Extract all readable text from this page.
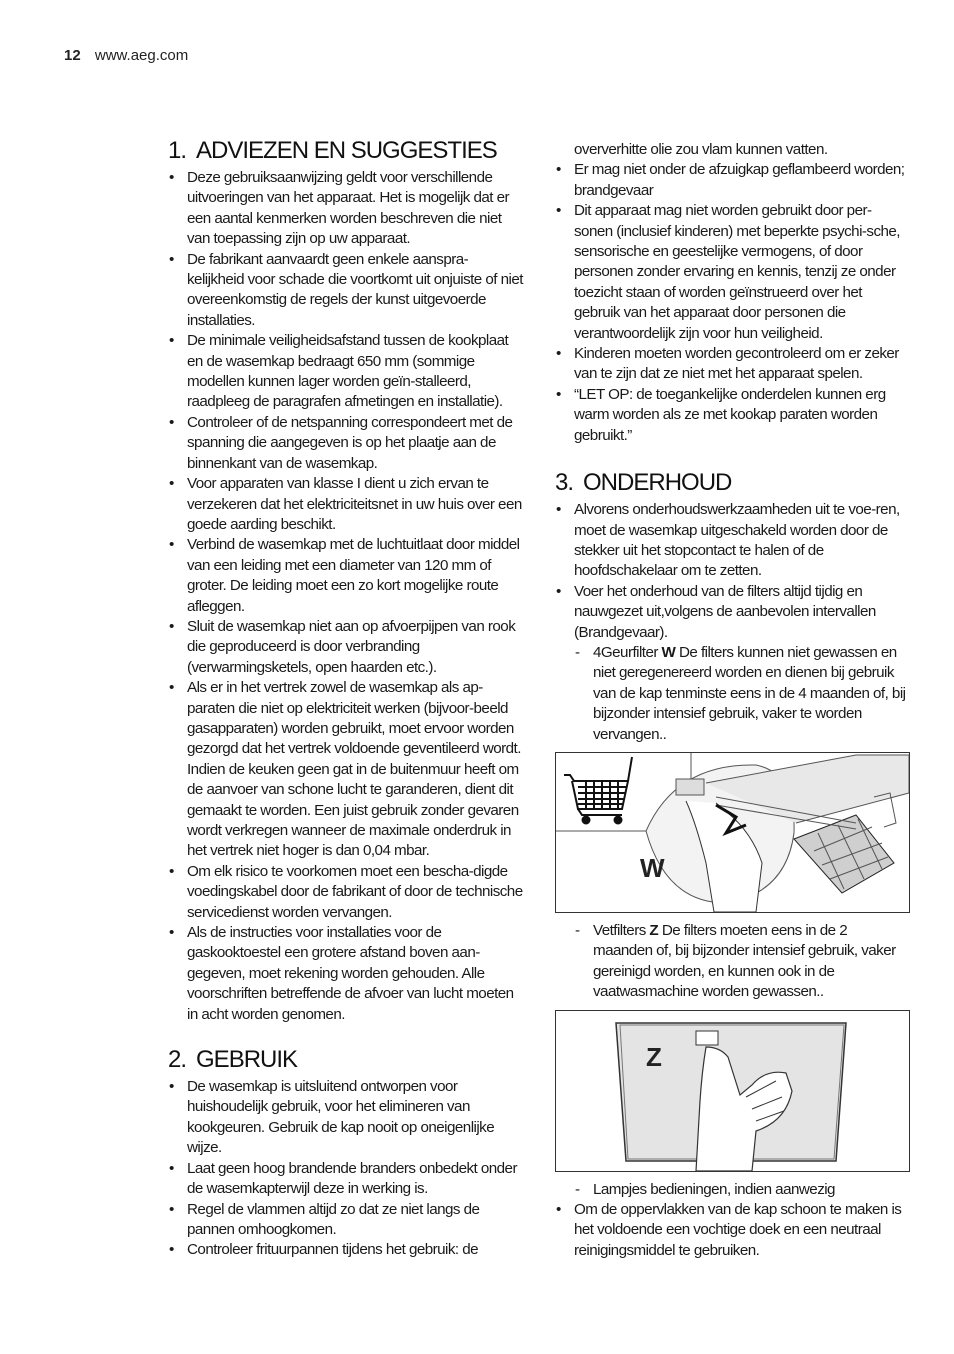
12 www.aeg.com
1. ADVIEZEN EN SUGGESTIES
• Deze gebruiksaanwijzing geldt voor verschillende uitvoeringen van het apparaat. Het is mogelijk dat er een aantal kenmerken worden beschreven die niet van toepassing zijn op uw apparaat.
• De fabrikant aanvaardt geen enkele aanspra-kelijkheid voor schade die voortkomt uit onjuiste of niet overeenkomstig de regels der kunst uitgevoerde installaties.
• De minimale veiligheidsafstand tussen de kookplaat en de wasemkap bedraagt 650 mm (sommige modellen kunnen lager worden geïn-stalleerd, raadpleeg de paragrafen afmetingen en installatie).
• Controleer of de netspanning correspondeert met de spanning die aangegeven is op het plaatje aan de binnenkant van de wasemkap.
• Voor apparaten van klasse I dient u zich ervan te verzekeren dat het elektriciteitsnet in uw huis over een goede aarding beschikt.
• Verbind de wasemkap met de luchtuitlaat door middel van een leiding met een diameter van 120 mm of groter. De leiding moet een zo kort mogelijke route afleggen.
• Sluit de wasemkap niet aan op afvoerpijpen van rook die geproduceerd is door verbranding (verwarmingsketels, open haarden etc.).
• Als er in het vertrek zowel de wasemkap als ap-paraten die niet op elektriciteit werken (bijvoor-beeld gasapparaten) worden gebruikt, moet ervoor worden gezorgd dat het vertrek voldoende geventileerd wordt. Indien de keuken geen gat in de buitenmuur heeft om de aanvoer van schone lucht te garanderen, dient dit gemaakt te worden. Een juist gebruik zonder gevaren wordt verkregen wanneer de maximale onderdruk in het vertrek niet hoger is dan 0,04 mbar.
• Om elk risico te voorkomen moet een bescha-digde voedingskabel door de fabrikant of door de technische servicedienst worden vervangen.
• Als de instructies voor installaties voor de gaskooktoestel een grotere afstand boven aan-gegeven, moet rekening worden gehouden. Alle voorschriften betreffende de afvoer van lucht moeten in acht worden genomen.
2. GEBRUIK
• De wasemkap is uitsluitend ontworpen voor huishoudelijk gebruik, voor het elimineren van kookgeuren. Gebruik de kap nooit op oneigenlijke wijze.
• Laat geen hoog brandende branders onbedekt onder de wasemkapterwijl deze in werking is.
• Regel de vlammen altijd zo dat ze niet langs de pannen omhoogkomen.
• Controleer frituurpannen tijdens het gebruik: de

oververhitte olie zou vlam kunnen vatten.

• Er mag niet onder de afzuigkap geflambeerd worden; brandgevaar
• Dit apparaat mag niet worden gebruikt door per-sonen (inclusief kinderen) met beperkte psychi-sche, sensorische en geestelijke vermogens, of door personen zonder ervaring en kennis, tenzij ze onder toezicht staan of worden geïnstrueerd over het gebruik van het apparaat door personen die verantwoordelijk zijn voor hun veiligheid.
• Kinderen moeten worden gecontroleerd om er zeker van te zijn dat ze niet met het apparaat spelen.
• “LET OP: de toegankelijke onderdelen kunnen erg warm worden als ze met kookap paraten worden gebruikt.”
3. ONDERHOUD
• Alvorens onderhoudswerkzaamheden uit te voe-ren, moet de wasemkap uitgeschakeld worden door de stekker uit het stopcontact te halen of de hoofdschakelaar om te zetten.
• Voer het onderhoud van de filters altijd tijdig en nauwgezet uit,volgens de aanbevolen intervallen (Brandgevaar).
- 4Geurfilter W De filters kunnen niet gewassen en niet geregenereerd worden en dienen bij gebruik van de kap tenminste eens in de 4 maanden of, bij bijzonder intensief gebruik, vaker te worden vervangen..
W
- Vetfilters Z De filters moeten eens in de 2 maanden of, bij bijzonder intensief gebruik, vaker gereinigd worden, en kunnen ook in de vaatwasmachine worden gewassen..
Z
- Lampjes bedieningen, indien aanwezig
• Om de oppervlakken van de kap schoon te maken is het voldoende een vochtige doek en een neutraal reinigingsmiddel te gebruiken.
